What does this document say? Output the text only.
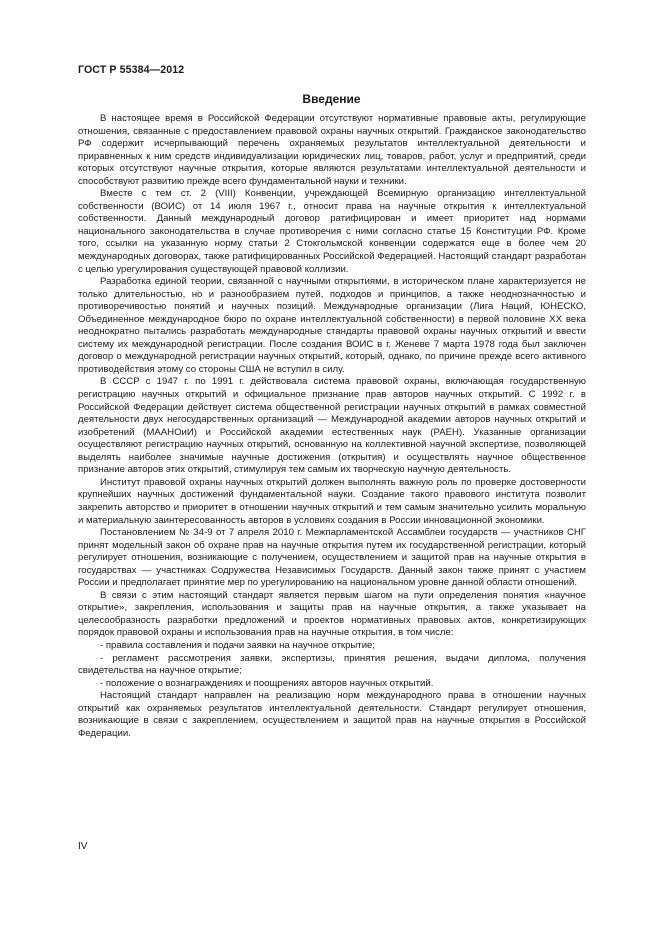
ГОСТ Р 55384—2012
Введение

В настоящее время в Российской Федерации отсутствуют нормативные правовые акты, регулирующие отношения, связанные с предоставлением правовой охраны научных открытий. Гражданское законодательство РФ содержит исчерпывающий перечень охраняемых результатов интеллектуальной деятельности и приравненных к ним средств индивидуализации юридических лиц, товаров, работ, услуг и предприятий, среди которых отсутствуют научные открытия, которые являются результатами интеллектуальной деятельности и способствуют развитию прежде всего фундаментальной науки и техники.

Вместе с тем ст. 2 (VIII) Конвенции, учреждающей Всемирную организацию интеллектуальной собственности (ВОИС) от 14 июля 1967 г., относит права на научные открытия к интеллектуальной собственности. Данный международный договор ратифицирован и имеет приоритет над нормами национального законодательства в случае противоречия с ними согласно статье 15 Конституции РФ. Кроме того, ссылки на указанную норму статьи 2 Стокгольмской конвенции содержатся еще в более чем 20 международных договорах, также ратифицированных Российской Федерацией. Настоящий стандарт разработан с целью урегулирования существующей правовой коллизии.

Разработка единой теории, связанной с научными открытиями, в историческом плане характеризуется не только длительностью, но и разнообразием путей, подходов и принципов, а также неоднозначностью и противоречивостью понятий и научных позиций. Международные организации (Лига Наций, ЮНЕСКО, Объединенное международное бюро по охране интеллектуальной собственности) в первой половине XX века неоднократно пытались разработать международные стандарты правовой охраны научных открытий и ввести систему их международной регистрации. После создания ВОИС в г. Женеве 7 марта 1978 года был заключен договор о международной регистрации научных открытий, который, однако, по причине прежде всего активного противодействия этому со стороны США не вступил в силу.

В СССР с 1947 г. по 1991 г. действовала система правовой охраны, включающая государственную регистрацию научных открытий и официальное признание прав авторов научных открытий. С 1992 г. в Российской Федерации действует система общественной регистрации научных открытий в рамках совместной деятельности двух негосударственных организаций — Международной академии авторов научных открытий и изобретений (МААНОиИ) и Российской академии естественных наук (РАЕН). Указанные организации осуществляют регистрацию научных открытий, основанную на коллективной научной экспертизе, позволяющей выделять наиболее значимые научные достижения (открытия) и осуществлять научное общественное признание авторов этих открытий, стимулируя тем самым их творческую научную деятельность.

Институт правовой охраны научных открытий должен выполнять важную роль по проверке достоверности крупнейших научных достижений фундаментальной науки. Создание такого правового института позволит закрепить авторство и приоритет в отношении научных открытий и тем самым значительно усилить моральную и материальную заинтересованность авторов в условиях создания в России инновационной экономики.

Постановлением № 34-9 от 7 апреля 2010 г. Межпарламентской Ассамблеи государств — участников СНГ принят модельный закон об охране прав на научные открытия путем их государственной регистрации, который регулирует отношения, возникающие с получением, осуществлением и защитой прав на научные открытия в государствах — участниках Содружества Независимых Государств. Данный закон также принят с участием России и предполагает принятие мер по урегулированию на национальном уровне данной области отношений.

В связи с этим настоящий стандарт является первым шагом на пути определения понятия «научное открытие», закрепления, использования и защиты прав на научные открытия, а также указывает на целесообразность разработки предложений и проектов нормативных правовых актов, конкретизирующих порядок правовой охраны и использования прав на научные открытия, в том числе:

- правила составления и подачи заявки на научное открытие;

- регламент рассмотрения заявки, экспертизы, принятия решения, выдачи диплома, получения свидетельства на научное открытие;

- положение о вознаграждениях и поощрениях авторов научных открытий.

Настоящий стандарт направлен на реализацию норм международного права в отношении научных открытий как охраняемых результатов интеллектуальной деятельности. Стандарт регулирует отношения, возникающие в связи с закреплением, осуществлением и защитой прав на научные открытия в Российской Федерации.

IV
